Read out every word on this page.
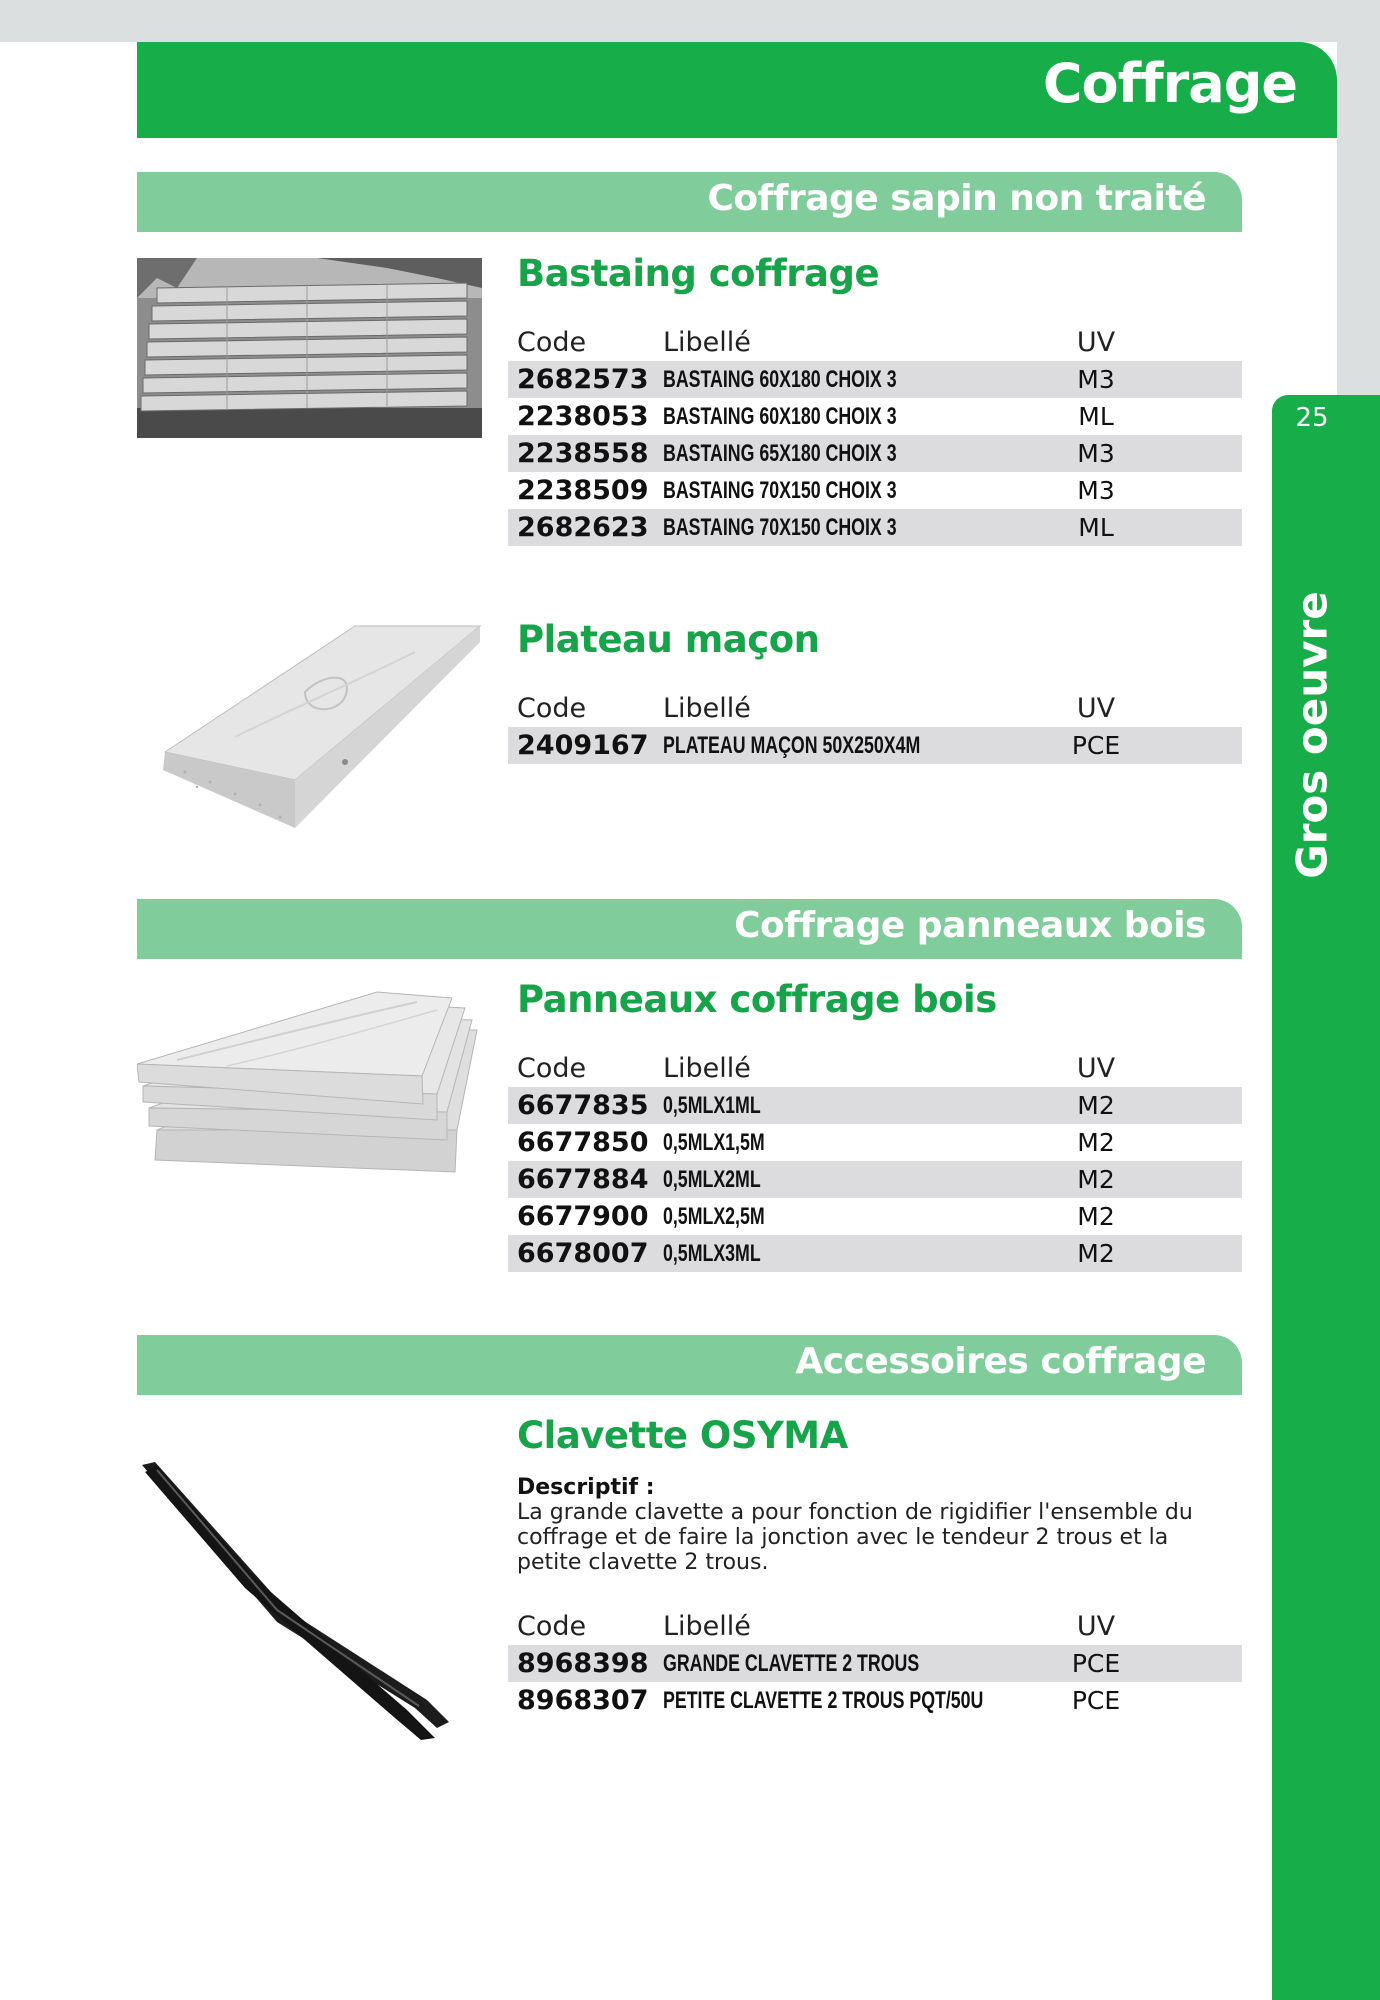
Coffrage
25
Gros oeuvre
Coffrage sapin non traité
Bastaing coffrage
Code	Libellé	UV
2682573 BASTAING 60X180 CHOIX 3	M3
2238053 BASTAING 60X180 CHOIX 3	ML
2238558 BASTAING 65X180 CHOIX 3	M3
2238509 BASTAING 70X150 CHOIX 3	M3
2682623 BASTAING 70X150 CHOIX 3	ML
Plateau maçon
Code	Libellé	UV
2409167 PLATEAU MAÇON 50X250X4M	PCE
Coffrage panneaux bois
Panneaux coffrage bois
Code	Libellé	UV
6677835 0,5MLX1ML	M2
6677850 0,5MLX1,5M	M2
6677884 0,5MLX2ML	M2
6677900 0,5MLX2,5M	M2
6678007 0,5MLX3ML	M2
Accessoires coffrage
Clavette OSYMA
Descriptif :
La grande clavette a pour fonction de rigidifier l'ensemble du coffrage et de faire la jonction avec le tendeur 2 trous et la petite clavette 2 trous.
Code	Libellé	UV
8968398 GRANDE CLAVETTE 2 TROUS	PCE
8968307 PETITE CLAVETTE 2 TROUS PQT/50U	PCE
